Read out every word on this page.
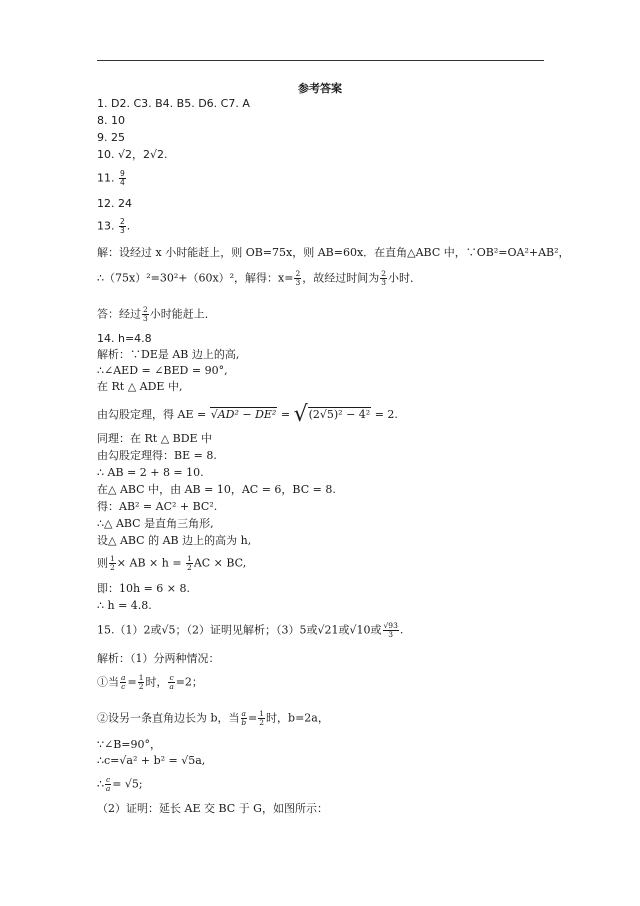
参考答案
1. D2. C3. B4. B5. D6. C7. A
8. 10
9. 25
10. √2，2√2.
11. $\frac{9}{4}$
12. 24
13. $\frac{2}{3}$ .
解：设经过 x 小时能赶上，则 OB=75x，则 AB=60x．在直角△ABC 中，∵OB²=OA²+AB²，
∴（75x）²=30²+（60x）²，解得：$x= \frac{2}{3}$ ，故经过时间为 $\frac{2}{3}$ 小时．
答：经过 $\frac{2}{3}$ 小时能赶上．
14. h=4.8
解析：∵DE是 AB 边上的高,
∴∠AED = ∠BED = 90°,
在 Rt △ ADE 中,
由勾股定理，得 AE = √AD² − DE² = √(2√5)² − 4² = 2.
同理：在 Rt △ BDE 中
由勾股定理得：BE = 8.
∴ AB = 2 + 8 = 10.
在△ ABC 中，由 AB = 10，AC = 6，BC = 8.
得：AB² = AC² + BC².
∴△ ABC 是直角三角形,
设△ ABC 的 AB 边上的高为 h,
则 $\frac{1}{2}$ × AB × $h = \frac{1}{2}$ AC × BC,
即：10h = 6 × 8.
∴ h = 4.8.
15.（1）2或√5；（2）证明见解析；（3）5或√21或√10或 $\frac{√93}{3}$ .
解析：（1）分两种情况：
①当 $\frac{a}{c} = \frac{1}{2}$ 时， $\frac{c}{a} =2$；
②设另一条直角边长为 b，当 $\frac{a}{b} = \frac{1}{2}$ 时，b=2a，
∵∠B=90°，
∴c=√a² + b² = √5a,
∴ $\frac{c}{a} = √5$;
（2）证明：延长 AE 交 BC 于 G，如图所示：
